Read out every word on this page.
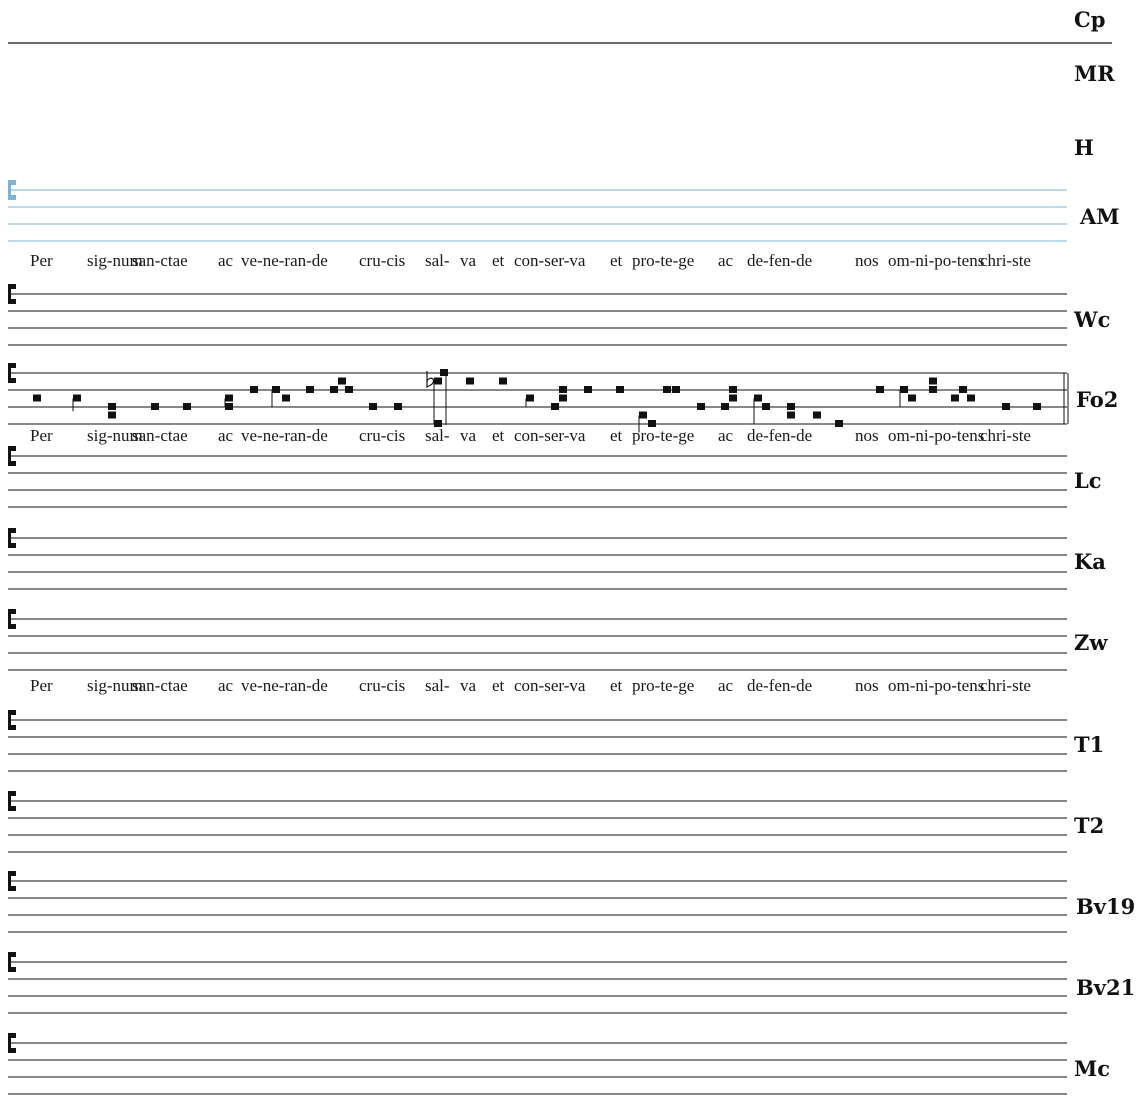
Cp
MR
H
AM
Wc
Per sig-num
san-ctae ac ve-ne-ran-de cru-cis sal- va et con-ser-va et pro-te-ge ac de-fen-de	nos om-ni-po-tens
chri-ste
Fo2
Lc
Per sig-num
san-ctae ac ve-ne-ran-de cru-cis sal- va et con-ser-va et pro-te-ge ac de-fen-de	nos om-ni-po-tens
chri-ste
Ka
Zw
T1
Per sig-num
san-ctae ac ve-ne-ran-de cru-cis sal- va et con-ser-va et pro-te-ge ac de-fen-de	nos om-ni-po-tens
chri-ste
T2
Bv19
Bv21
Mc
